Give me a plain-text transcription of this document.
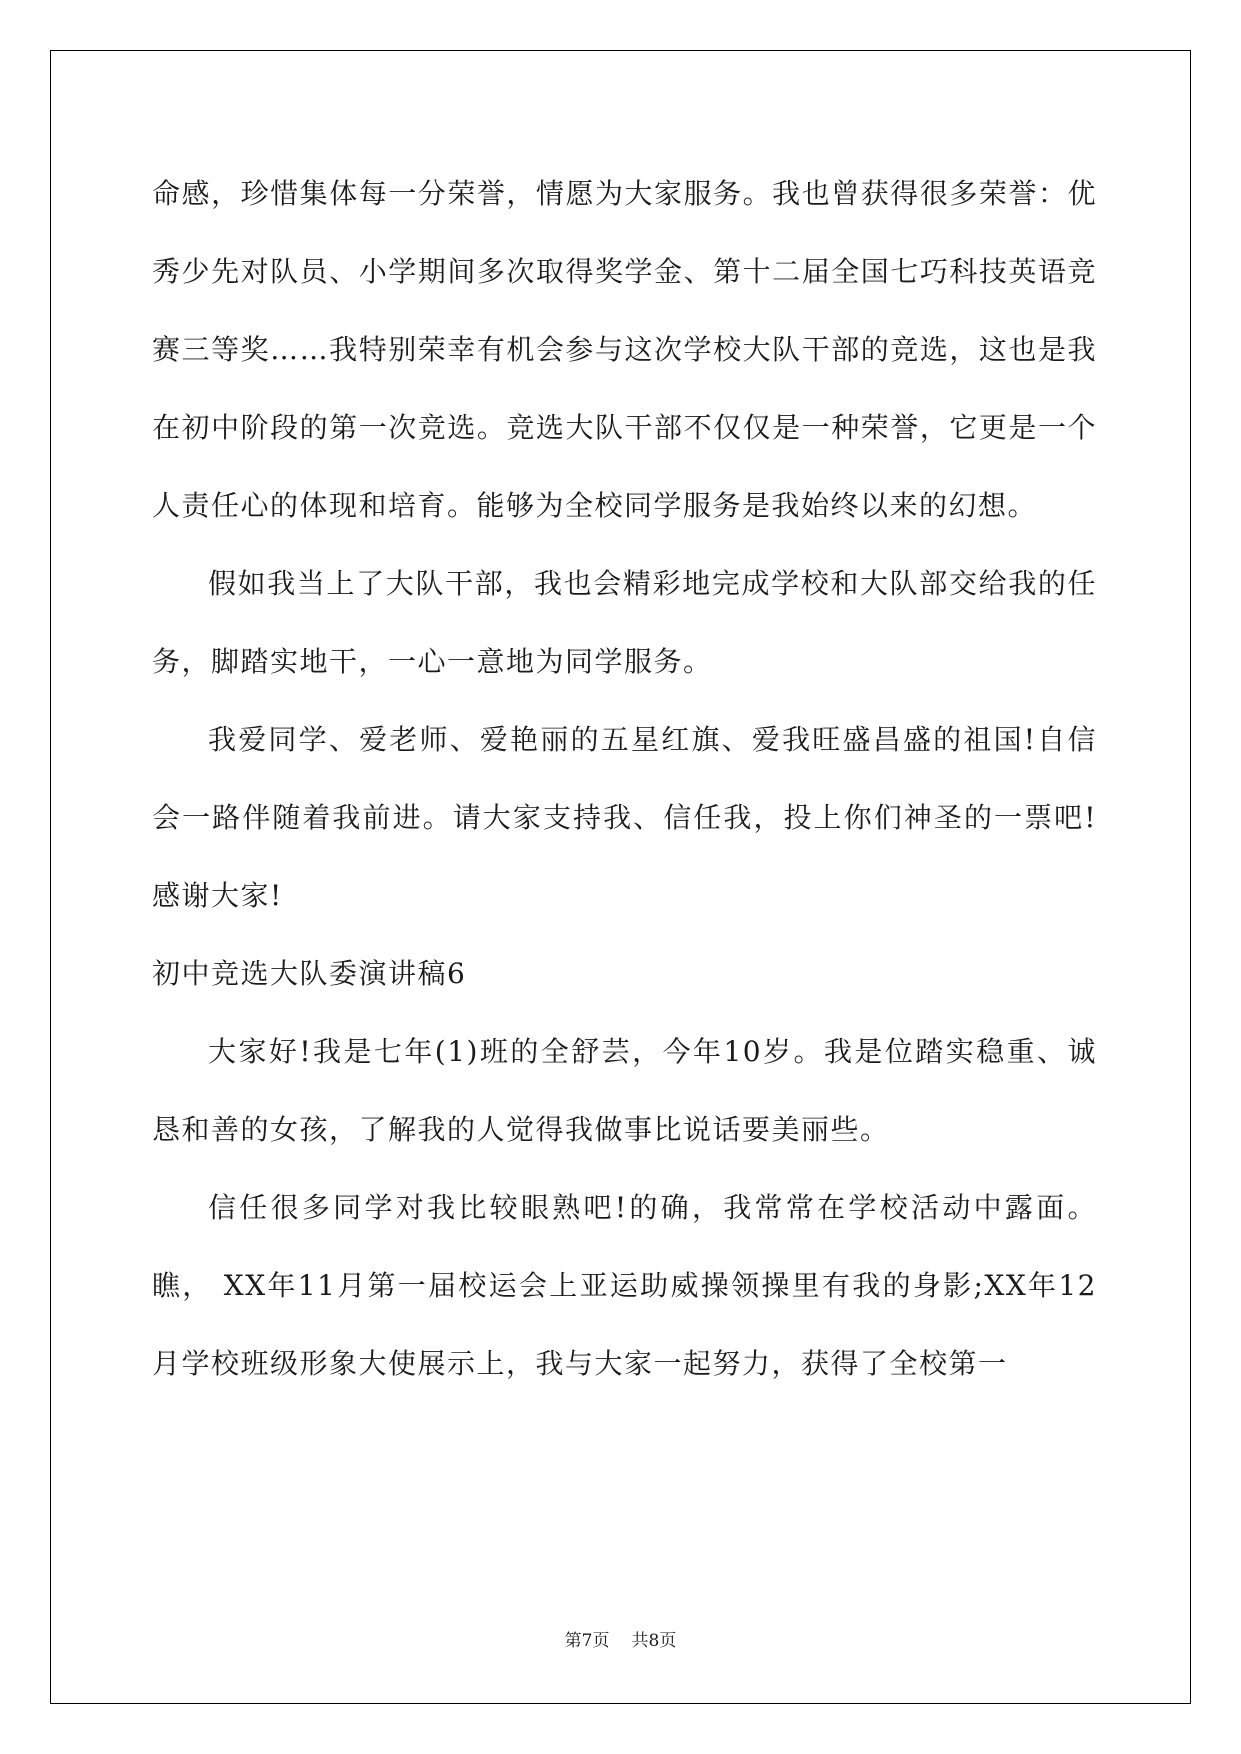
命感，珍惜集体每一分荣誉，情愿为大家服务。我也曾获得很多荣誉：优秀少先对队员、小学期间多次取得奖学金、第十二届全国七巧科技英语竞赛三等奖……我特别荣幸有机会参与这次学校大队干部的竞选，这也是我在初中阶段的第一次竞选。竞选大队干部不仅仅是一种荣誉，它更是一个人责任心的体现和培育。能够为全校同学服务是我始终以来的幻想。

假如我当上了大队干部，我也会精彩地完成学校和大队部交给我的任务，脚踏实地干，一心一意地为同学服务。

我爱同学、爱老师、爱艳丽的五星红旗、爱我旺盛昌盛的祖国!自信会一路伴随着我前进。请大家支持我、信任我，投上你们神圣的一票吧!感谢大家!

初中竞选大队委演讲稿6

大家好!我是七年(1)班的全舒芸，今年10岁。我是位踏实稳重、诚恳和善的女孩，了解我的人觉得我做事比说话要美丽些。

信任很多同学对我比较眼熟吧!的确，我常常在学校活动中露面。瞧， XX年11月第一届校运会上亚运助威操领操里有我的身影;XX年12月学校班级形象大使展示上，我与大家一起努力，获得了全校第一

第7页 共8页
